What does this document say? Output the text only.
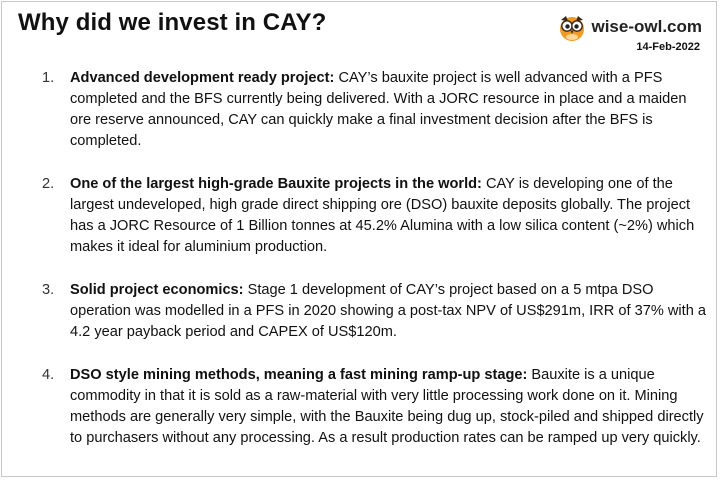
Why did we invest in CAY?	wise-owl.com
14-Feb-2022
1. Advanced development ready project: CAY’s bauxite project is well advanced with a PFS completed and the BFS currently being delivered. With a JORC resource in place and a maiden ore reserve announced, CAY can quickly make a final investment decision after the BFS is completed.
2. One of the largest high-grade Bauxite projects in the world: CAY is developing one of the largest undeveloped, high grade direct shipping ore (DSO) bauxite deposits globally. The project has a JORC Resource of 1 Billion tonnes at 45.2% Alumina with a low silica content (~2%) which makes it ideal for aluminium production.
3. Solid project economics: Stage 1 development of CAY’s project based on a 5 mtpa DSO operation was modelled in a PFS in 2020 showing a post-tax NPV of US$291m, IRR of 37% with a 4.2 year payback period and CAPEX of US$120m.
4. DSO style mining methods, meaning a fast mining ramp-up stage: Bauxite is a unique commodity in that it is sold as a raw-material with very little processing work done on it. Mining methods are generally very simple, with the Bauxite being dug up, stock-piled and shipped directly to purchasers without any processing. As a result production rates can be ramped up very quickly.
